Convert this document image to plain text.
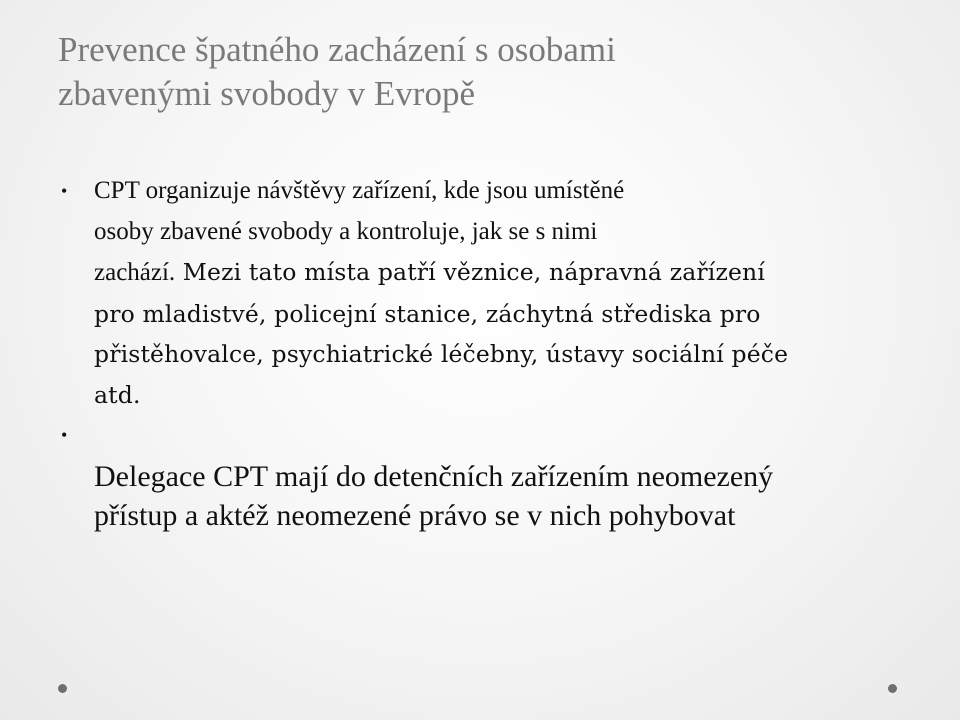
Prevence špatného zacházení s osobami
zbavenými svobody v Evropě
• CPT organizuje návštěvy zařízení, kde jsou umístěné
osoby zbavené svobody a kontroluje, jak se s nimi
zachází. Mezi tato místa patří věznice, nápravná zařízení
pro mladistvé, policejní stanice, záchytná střediska pro
přistěhovalce, psychiatrické léčebny, ústavy sociální péče
atd.
•
Delegace CPT mají do detenčních zařízením neomezený
přístup a aktéž neomezené právo se v nich pohybovat
